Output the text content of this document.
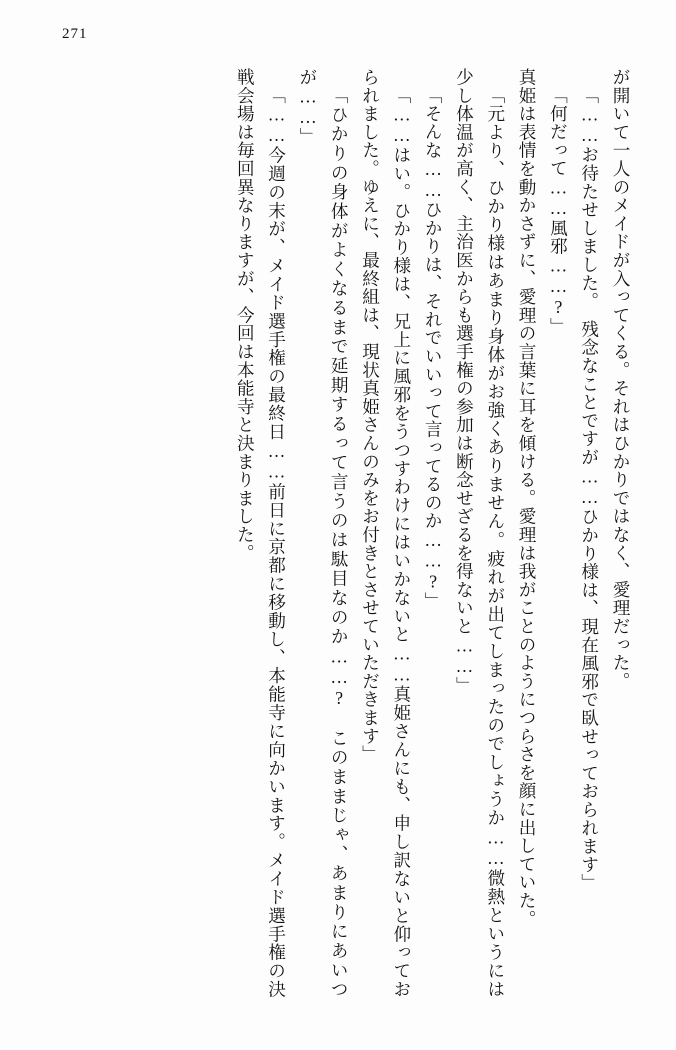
271

が開いて一人のメイドが入ってくる。それはひかりではなく、愛理だった。

「……お待たせしました。　残念なことですが……ひかり様は、現在風邪で臥せっておられます」

「何だって……風邪……?」

真姫は表情を動かさずに、愛理の言葉に耳を傾ける。愛理は我がことのようにつらさを顔に出していた。

「元より、ひかり様はあまり身体がお強くありません。疲れが出てしまったのでしょうか……微熱というには少し体温が高く、主治医からも選手権の参加は断念せざるを得ないと……」

「そんな……ひかりは、それでいいって言ってるのか……?」

「……はい。ひかり様は、兄上に風邪をうつすわけにはいかないと……真姫さんにも、申し訳ないと仰っておられました。ゆえに、最終組は、現状真姫さんのみをお付きとさせていただきます」

「ひかりの身体がよくなるまで延期するって言うのは駄目なのか……?　このままじゃ、あまりにあいつが……」

「……今週の末が、メイド選手権の最終日……前日に京都に移動し、本能寺に向かいます。メイド選手権の決戦会場は毎回異なりますが、今回は本能寺と決まりました。
